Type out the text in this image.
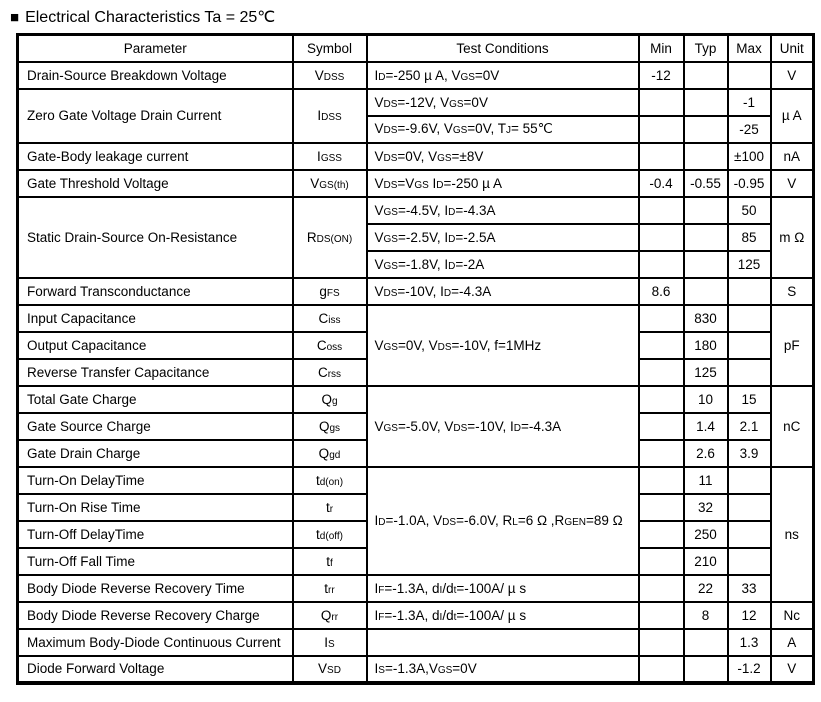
■ Electrical Characteristics Ta = 25℃
Parameter	Symbol	Test Conditions	Min	Typ	Max	Unit
Drain-Source Breakdown Voltage	VDSS	ID=-250 µ A, VGS=0V	-12			V
Zero Gate Voltage Drain Current	IDSS	VDS=-12V, VGS=0V			-1	µ A
		VDS=-9.6V, VGS=0V, TJ= 55℃			-25	
Gate-Body leakage current	IGSS	VDS=0V, VGS=±8V			±100	nA
Gate Threshold Voltage	VGS(th)	VDS=VGS ID=-250 µ A	-0.4	-0.55	-0.95	V
Static Drain-Source On-Resistance	RDS(ON)	VGS=-4.5V, ID=-4.3A			50	m Ω
		VGS=-2.5V, ID=-2.5A			85	
		VGS=-1.8V, ID=-2A			125	
Forward Transconductance	gFS	VDS=-10V, ID=-4.3A	8.6			S
Input Capacitance	Ciss	VGS=0V, VDS=-10V, f=1MHz		830		pF
Output Capacitance	Coss			180		
Reverse Transfer Capacitance	Crss			125		
Total Gate Charge	Qg	VGS=-5.0V, VDS=-10V, ID=-4.3A		10	15	nC
Gate Source Charge	Qgs			1.4	2.1	
Gate Drain Charge	Qgd			2.6	3.9	
Turn-On DelayTime	td(on)	ID=-1.0A, VDS=-6.0V, RL=6 Ω ,RGEN=89 Ω		11		ns
Turn-On Rise Time	tr			32		
Turn-Off DelayTime	td(off)			250		
Turn-Off Fall Time	tf			210		
Body Diode Reverse Recovery Time	trr	IF=-1.3A, dI/dt=-100A/ µ s		22	33	
Body Diode Reverse Recovery Charge	Qrr	IF=-1.3A, dI/dt=-100A/ µ s		8	12	Nc
Maximum Body-Diode Continuous Current	IS				1.3	A
Diode Forward Voltage	VSD	IS=-1.3A,VGS=0V			-1.2	V
